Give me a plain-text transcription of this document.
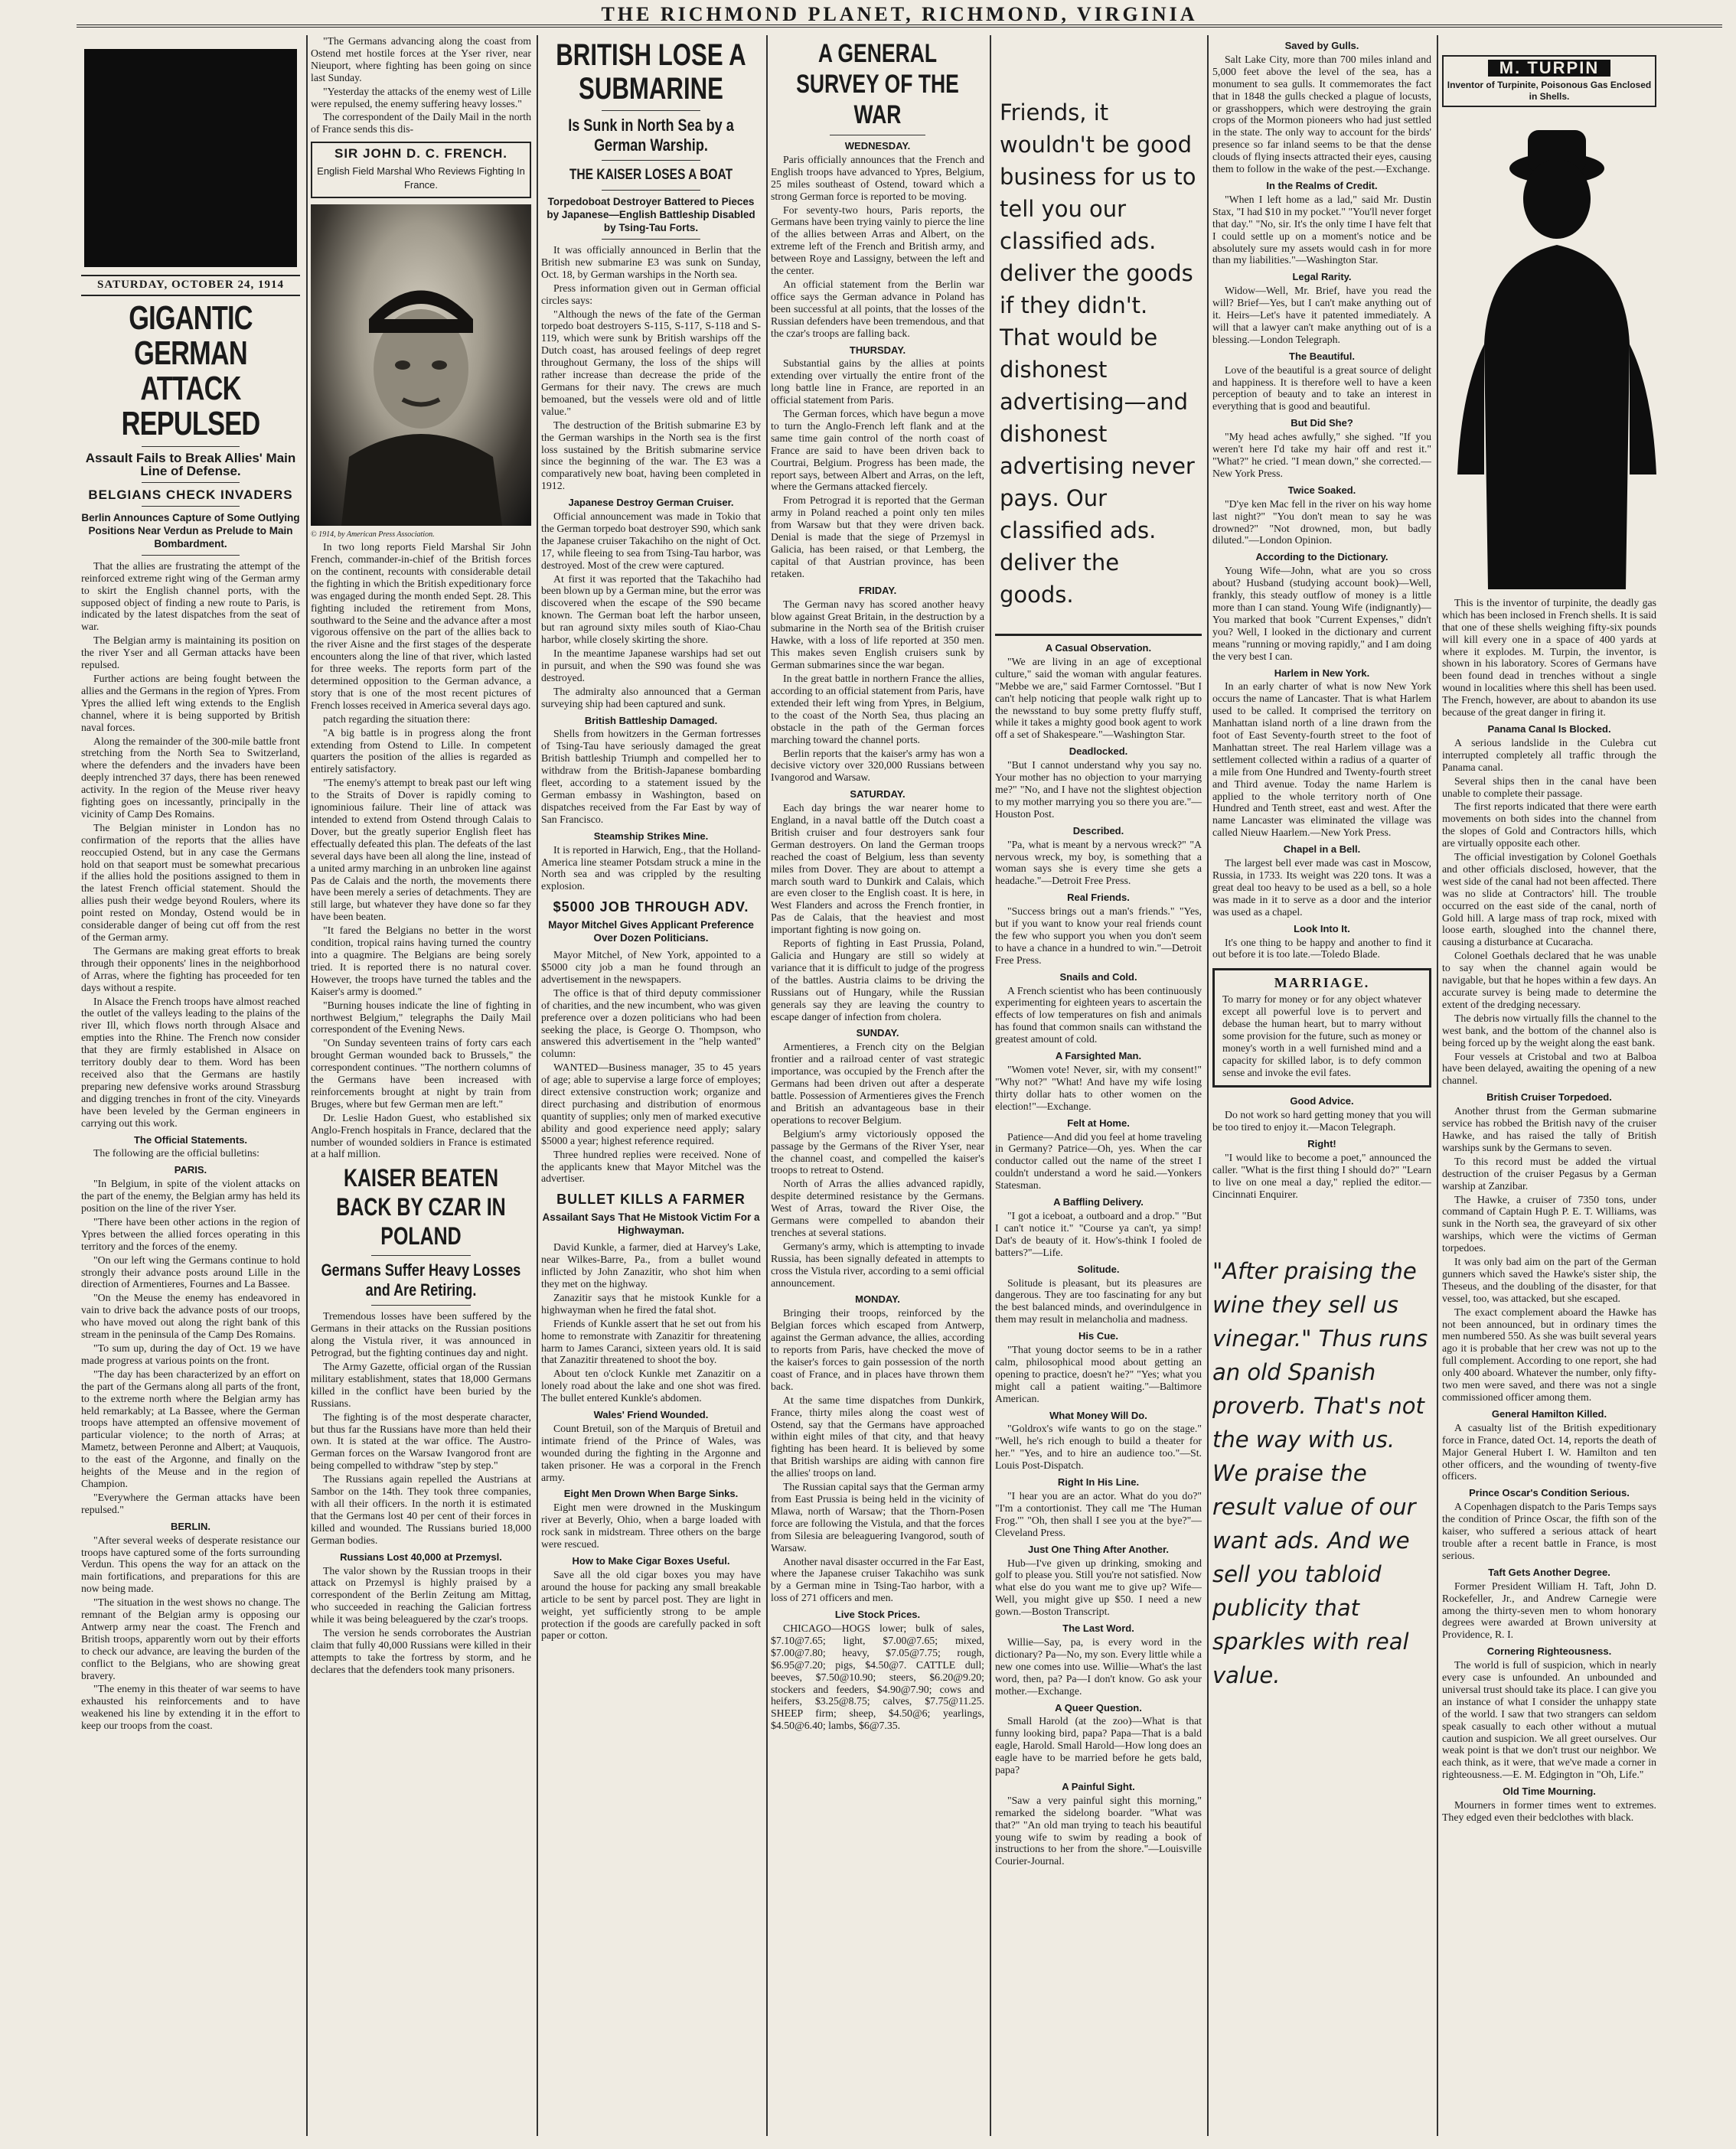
THE RICHMOND PLANET, RICHMOND, VIRGINIA
SATURDAY, OCTOBER 24, 1914
GIGANTIC GERMAN ATTACK REPULSED
Assault Fails to Break Allies' Main Line of Defense.
BELGIANS CHECK INVADERS
Berlin Announces Capture of Some Outlying Positions Near Verdun as Prelude to Main Bombardment.

That the allies are frustrating the attempt of the reinforced extreme right wing of the German army to skirt the English channel ports, with the supposed object of finding a new route to Paris, is indicated by the latest dispatches from the seat of war.

The Belgian army is maintaining its position on the river Yser and all German attacks have been repulsed.

Further actions are being fought between the allies and the Germans in the region of Ypres. From Ypres the allied left wing extends to the English channel, where it is being supported by British naval forces.

Along the remainder of the 300-mile battle front stretching from the North Sea to Switzerland, where the defenders and the invaders have been deeply intrenched 37 days, there has been renewed activity. In the region of the Meuse river heavy fighting goes on incessantly, principally in the vicinity of Camp Des Romains.

The Belgian minister in London has no confirmation of the reports that the allies have reoccupied Ostend, but in any case the Germans hold on that seaport must be somewhat precarious if the allies hold the positions assigned to them in the latest French official statement. Should the allies push their wedge beyond Roulers, where its point rested on Monday, Ostend would be in considerable danger of being cut off from the rest of the German army.

The Germans are making great efforts to break through their opponents' lines in the neighborhood of Arras, where the fighting has proceeded for ten days without a respite.

In Alsace the French troops have almost reached the outlet of the valleys leading to the plains of the river Ill, which flows north through Alsace and empties into the Rhine. The French now consider that they are firmly established in Alsace on territory doubly dear to them. Word has been received also that the Germans are hastily preparing new defensive works around Strassburg and digging trenches in front of the city. Vineyards have been leveled by the German engineers in carrying out this work.

The Official Statements.

The following are the official bulletins:

PARIS.

"In Belgium, in spite of the violent attacks on the part of the enemy, the Belgian army has held its position on the line of the river Yser.

"There have been other actions in the region of Ypres between the allied forces operating in this territory and the forces of the enemy.

"On our left wing the Germans continue to hold strongly their advance posts around Lille in the direction of Armentieres, Fournes and La Bassee.

"On the Meuse the enemy has endeavored in vain to drive back the advance posts of our troops, who have moved out along the right bank of this stream in the peninsula of the Camp Des Romains.

"To sum up, during the day of Oct. 19 we have made progress at various points on the front.

"The day has been characterized by an effort on the part of the Germans along all parts of the front, to the extreme north where the Belgian army has held remarkably; at La Bassee, where the German troops have attempted an offensive movement of particular violence; to the north of Arras; at Mametz, between Peronne and Albert; at Vauquois, to the east of the Argonne, and finally on the heights of the Meuse and in the region of Champion.

"Everywhere the German attacks have been repulsed."

BERLIN.

"After several weeks of desperate resistance our troops have captured some of the forts surrounding Verdun. This opens the way for an attack on the main fortifications, and preparations for this are now being made.

"The situation in the west shows no change. The remnant of the Belgian army is opposing our Antwerp army near the coast. The French and British troops, apparently worn out by their efforts to check our advance, are leaving the burden of the conflict to the Belgians, who are showing great bravery.

"The enemy in this theater of war seems to have exhausted his reinforcements and to have weakened his line by extending it in the effort to keep our troops from the coast.

"The Germans advancing along the coast from Ostend met hostile forces at the Yser river, near Nieuport, where fighting has been going on since last Sunday.

"Yesterday the attacks of the enemy west of Lille were repulsed, the enemy suffering heavy losses."

The correspondent of the Daily Mail in the north of France sends this dis-

SIR JOHN D. C. FRENCH.
English Field Marshal Who Reviews Fighting In France.
© 1914, by American Press Association.

In two long reports Field Marshal Sir John French, commander-in-chief of the British forces on the continent, recounts with considerable detail the fighting in which the British expeditionary force was engaged during the month ended Sept. 28. This fighting included the retirement from Mons, southward to the Seine and the advance after a most vigorous offensive on the part of the allies back to the river Aisne and the first stages of the desperate encounters along the line of that river, which lasted for three weeks. The reports form part of the determined opposition to the German advance, a story that is one of the most recent pictures of French losses received in America several days ago.

patch regarding the situation there:

"A big battle is in progress along the front extending from Ostend to Lille. In competent quarters the position of the allies is regarded as entirely satisfactory.

"The enemy's attempt to break past our left wing to the Straits of Dover is rapidly coming to ignominious failure. Their line of attack was intended to extend from Ostend through Calais to Dover, but the greatly superior English fleet has effectually defeated this plan. The defeats of the last several days have been all along the line, instead of a united army marching in an unbroken line against Pas de Calais and the north, the movements there have been merely a series of detachments. They are still large, but whatever they have done so far they have been beaten.

"It fared the Belgians no better in the worst condition, tropical rains having turned the country into a quagmire. The Belgians are being sorely tried. It is reported there is no natural cover. However, the troops have turned the tables and the Kaiser's army is doomed."

"Burning houses indicate the line of fighting in northwest Belgium," telegraphs the Daily Mail correspondent of the Evening News.

"On Sunday seventeen trains of forty cars each brought German wounded back to Brussels," the correspondent continues. "The northern columns of the Germans have been increased with reinforcements brought at night by train from Bruges, where but few German men are left."

Dr. Leslie Hadon Guest, who established six Anglo-French hospitals in France, declared that the number of wounded soldiers in France is estimated at a half million.

KAISER BEATEN BACK BY CZAR IN POLAND
Germans Suffer Heavy Losses and Are Retiring.

Tremendous losses have been suffered by the Germans in their attacks on the Russian positions along the Vistula river, it was announced in Petrograd, but the fighting continues day and night.

The Army Gazette, official organ of the Russian military establishment, states that 18,000 Germans killed in the conflict have been buried by the Russians.

The fighting is of the most desperate character, but thus far the Russians have more than held their own. It is stated at the war office. The Austro-German forces on the Warsaw Ivangorod front are being compelled to withdraw "step by step."

The Russians again repelled the Austrians at Sambor on the 14th. They took three companies, with all their officers. In the north it is estimated that the Germans lost 40 per cent of their forces in killed and wounded. The Russians buried 18,000 German bodies.

Russians Lost 40,000 at Przemysl.

The valor shown by the Russian troops in their attack on Przemysl is highly praised by a correspondent of the Berlin Zeitung am Mittag, who succeeded in reaching the Galician fortress while it was being beleaguered by the czar's troops.

The version he sends corroborates the Austrian claim that fully 40,000 Russians were killed in their attempts to take the fortress by storm, and he declares that the defenders took many prisoners.

BRITISH LOSE A SUBMARINE
Is Sunk in North Sea by a German Warship.
THE KAISER LOSES A BOAT
Torpedoboat Destroyer Battered to Pieces by Japanese—English Battleship Disabled by Tsing-Tau Forts.

It was officially announced in Berlin that the British new submarine E3 was sunk on Sunday, Oct. 18, by German warships in the North sea.

Press information given out in German official circles says:

"Although the news of the fate of the German torpedo boat destroyers S-115, S-117, S-118 and S-119, which were sunk by British warships off the Dutch coast, has aroused feelings of deep regret throughout Germany, the loss of the ships will rather increase than decrease the pride of the Germans for their navy. The crews are much bemoaned, but the vessels were old and of little value."

The destruction of the British submarine E3 by the German warships in the North sea is the first loss sustained by the British submarine service since the beginning of the war. The E3 was a comparatively new boat, having been completed in 1912.

Japanese Destroy German Cruiser.

Official announcement was made in Tokio that the German torpedo boat destroyer S90, which sank the Japanese cruiser Takachiho on the night of Oct. 17, while fleeing to sea from Tsing-Tau harbor, was destroyed. Most of the crew were captured.

At first it was reported that the Takachiho had been blown up by a German mine, but the error was discovered when the escape of the S90 became known. The German boat left the harbor unseen, but ran aground sixty miles south of Kiao-Chau harbor, while closely skirting the shore.

In the meantime Japanese warships had set out in pursuit, and when the S90 was found she was destroyed.

The admiralty also announced that a German surveying ship had been captured and sunk.

British Battleship Damaged.

Shells from howitzers in the German fortresses of Tsing-Tau have seriously damaged the great British battleship Triumph and compelled her to withdraw from the British-Japanese bombarding fleet, according to a statement issued by the German embassy in Washington, based on dispatches received from the Far East by way of San Francisco.

Steamship Strikes Mine.

It is reported in Harwich, Eng., that the Holland-America line steamer Potsdam struck a mine in the North sea and was crippled by the resulting explosion.

$5000 JOB THROUGH ADV.
Mayor Mitchel Gives Applicant Preference Over Dozen Politicians.

Mayor Mitchel, of New York, appointed to a $5000 city job a man he found through an advertisement in the newspapers.

The office is that of third deputy commissioner of charities, and the new incumbent, who was given preference over a dozen politicians who had been seeking the place, is George O. Thompson, who answered this advertisement in the "help wanted" column:

WANTED—Business manager, 35 to 45 years of age; able to supervise a large force of employes; direct extensive construction work; organize and direct purchasing and distribution of enormous quantity of supplies; only men of marked executive ability and good experience need apply; salary $5000 a year; highest reference required.

Three hundred replies were received. None of the applicants knew that Mayor Mitchel was the advertiser.

BULLET KILLS A FARMER
Assailant Says That He Mistook Victim For a Highwayman.

David Kunkle, a farmer, died at Harvey's Lake, near Wilkes-Barre, Pa., from a bullet wound inflicted by John Zanazitir, who shot him when they met on the highway.

Zanazitir says that he mistook Kunkle for a highwayman when he fired the fatal shot.

Friends of Kunkle assert that he set out from his home to remonstrate with Zanazitir for threatening harm to James Caranci, sixteen years old. It is said that Zanazitir threatened to shoot the boy.

About ten o'clock Kunkle met Zanazitir on a lonely road about the lake and one shot was fired. The bullet entered Kunkle's abdomen.

Wales' Friend Wounded.

Count Bretuil, son of the Marquis of Bretuil and intimate friend of the Prince of Wales, was wounded during the fighting in the Argonne and taken prisoner. He was a corporal in the French army.

Eight Men Drown When Barge Sinks.

Eight men were drowned in the Muskingum river at Beverly, Ohio, when a barge loaded with rock sank in midstream. Three others on the barge were rescued.

How to Make Cigar Boxes Useful.

Save all the old cigar boxes you may have around the house for packing any small breakable article to be sent by parcel post. They are light in weight, yet sufficiently strong to be ample protection if the goods are carefully packed in soft paper or cotton.

A GENERAL SURVEY OF THE WAR

WEDNESDAY.

Paris officially announces that the French and English troops have advanced to Ypres, Belgium, 25 miles southeast of Ostend, toward which a strong German force is reported to be moving.

For seventy-two hours, Paris reports, the Germans have been trying vainly to pierce the line of the allies between Arras and Albert, on the extreme left of the French and British army, and between Roye and Lassigny, between the left and the center.

An official statement from the Berlin war office says the German advance in Poland has been successful at all points, that the losses of the Russian defenders have been tremendous, and that the czar's troops are falling back.

THURSDAY.

Substantial gains by the allies at points extending over virtually the entire front of the long battle line in France, are reported in an official statement from Paris.

The German forces, which have begun a move to turn the Anglo-French left flank and at the same time gain control of the north coast of France are said to have been driven back to Courtrai, Belgium. Progress has been made, the report says, between Albert and Arras, on the left, where the Germans attacked fiercely.

From Petrograd it is reported that the German army in Poland reached a point only ten miles from Warsaw but that they were driven back. Denial is made that the siege of Przemysl in Galicia, has been raised, or that Lemberg, the capital of that Austrian province, has been retaken.

FRIDAY.

The German navy has scored another heavy blow against Great Britain, in the destruction by a submarine in the North sea of the British cruiser Hawke, with a loss of life reported at 350 men. This makes seven English cruisers sunk by German submarines since the war began.

In the great battle in northern France the allies, according to an official statement from Paris, have extended their left wing from Ypres, in Belgium, to the coast of the North Sea, thus placing an obstacle in the path of the German forces marching toward the channel ports.

Berlin reports that the kaiser's army has won a decisive victory over 320,000 Russians between Ivangorod and Warsaw.

SATURDAY.

Each day brings the war nearer home to England, in a naval battle off the Dutch coast a British cruiser and four destroyers sank four German destroyers. On land the German troops reached the coast of Belgium, less than seventy miles from Dover. They are about to attempt a march south ward to Dunkirk and Calais, which are even closer to the English coast. It is here, in West Flanders and across the French frontier, in Pas de Calais, that the heaviest and most important fighting is now going on.

Reports of fighting in East Prussia, Poland, Galicia and Hungary are still so widely at variance that it is difficult to judge of the progress of the battles. Austria claims to be driving the Russians out of Hungary, while the Russian generals say they are leaving the country to escape danger of infection from cholera.

SUNDAY.

Armentieres, a French city on the Belgian frontier and a railroad center of vast strategic importance, was occupied by the French after the Germans had been driven out after a desperate battle. Possession of Armentieres gives the French and British an advantageous base in their operations to recover Belgium.

Belgium's army victoriously opposed the passage by the Germans of the River Yser, near the channel coast, and compelled the kaiser's troops to retreat to Ostend.

North of Arras the allies advanced rapidly, despite determined resistance by the Germans. West of Arras, toward the River Oise, the Germans were compelled to abandon their trenches at several stations.

Germany's army, which is attempting to invade Russia, has been signally defeated in attempts to cross the Vistula river, according to a semi official announcement.

MONDAY.

Bringing their troops, reinforced by the Belgian forces which escaped from Antwerp, against the German advance, the allies, according to reports from Paris, have checked the move of the kaiser's forces to gain possession of the north coast of France, and in places have thrown them back.

At the same time dispatches from Dunkirk, France, thirty miles along the coast west of Ostend, say that the Germans have approached within eight miles of that city, and that heavy fighting has been heard. It is believed by some that British warships are aiding with cannon fire the allies' troops on land.

The Russian capital says that the German army from East Prussia is being held in the vicinity of Mlawa, north of Warsaw; that the Thorn-Posen force are following the Vistula, and that the forces from Silesia are beleaguering Ivangorod, south of Warsaw.

Another naval disaster occurred in the Far East, where the Japanese cruiser Takachiho was sunk by a German mine in Tsing-Tao harbor, with a loss of 271 officers and men.

Live Stock Prices.

CHICAGO—HOGS lower; bulk of sales, $7.10@7.65; light, $7.00@7.65; mixed, $7.00@7.80; heavy, $7.05@7.75; rough, $6.95@7.20; pigs, $4.50@7. CATTLE dull; beeves, $7.50@10.90; steers, $6.20@9.20; stockers and feeders, $4.90@7.90; cows and heifers, $3.25@8.75; calves, $7.75@11.25. SHEEP firm; sheep, $4.50@6; yearlings, $4.50@6.40; lambs, $6@7.35.

Friends, it wouldn't be good business for us to tell you our classified ads. deliver the goods if they didn't. That would be dishonest advertising—and dishonest advertising never pays. Our classified ads. deliver the goods.

A Casual Observation.

"We are living in an age of exceptional culture," said the woman with angular features. "Mebbe we are," said Farmer Corntossel. "But I can't help noticing that people walk right up to the newsstand to buy some pretty fluffy stuff, while it takes a mighty good book agent to work off a set of Shakespeare."—Washington Star.

Deadlocked.

"But I cannot understand why you say no. Your mother has no objection to your marrying me?" "No, and I have not the slightest objection to my mother marrying you so there you are."—Houston Post.

Described.

"Pa, what is meant by a nervous wreck?" "A nervous wreck, my boy, is something that a woman says she is every time she gets a headache."—Detroit Free Press.

Real Friends.

"Success brings out a man's friends." "Yes, but if you want to know your real friends count the few who support you when you don't seem to have a chance in a hundred to win."—Detroit Free Press.

Snails and Cold.

A French scientist who has been continuously experimenting for eighteen years to ascertain the effects of low temperatures on fish and animals has found that common snails can withstand the greatest amount of cold.

A Farsighted Man.

"Women vote! Never, sir, with my consent!" "Why not?" "What! And have my wife losing thirty dollar hats to other women on the election!"—Exchange.

Felt at Home.

Patience—And did you feel at home traveling in Germany? Patrice—Oh, yes. When the car conductor called out the name of the street I couldn't understand a word he said.—Yonkers Statesman.

A Baffling Delivery.

"I got a iceboat, a outboard and a drop." "But I can't notice it." "Course ya can't, ya simp! Dat's de beauty of it. How's-think I fooled de batters?"—Life.

Solitude.

Solitude is pleasant, but its pleasures are dangerous. They are too fascinating for any but the best balanced minds, and overindulgence in them may result in melancholia and madness.

His Cue.

"That young doctor seems to be in a rather calm, philosophical mood about getting an opening to practice, doesn't he?" "Yes; what you might call a patient waiting."—Baltimore American.

What Money Will Do.

"Goldrox's wife wants to go on the stage." "Well, he's rich enough to build a theater for her." "Yes, and to hire an audience too."—St. Louis Post-Dispatch.

Right In His Line.

"I hear you are an actor. What do you do?" "I'm a contortionist. They call me 'The Human Frog.'" "Oh, then shall I see you at the bye?"—Cleveland Press.

Just One Thing After Another.

Hub—I've given up drinking, smoking and golf to please you. Still you're not satisfied. Now what else do you want me to give up? Wife—Well, you might give up $50. I need a new gown.—Boston Transcript.

The Last Word.

Willie—Say, pa, is every word in the dictionary? Pa—No, my son. Every little while a new one comes into use. Willie—What's the last word, then, pa? Pa—I don't know. Go ask your mother.—Exchange.

A Queer Question.

Small Harold (at the zoo)—What is that funny looking bird, papa? Papa—That is a bald eagle, Harold. Small Harold—How long does an eagle have to be married before he gets bald, papa?

A Painful Sight.

"Saw a very painful sight this morning," remarked the sidelong boarder. "What was that?" "An old man trying to teach his beautiful young wife to swim by reading a book of instructions to her from the shore."—Louisville Courier-Journal.

Saved by Gulls.

Salt Lake City, more than 700 miles inland and 5,000 feet above the level of the sea, has a monument to sea gulls. It commemorates the fact that in 1848 the gulls checked a plague of locusts, or grasshoppers, which were destroying the grain crops of the Mormon pioneers who had just settled in the state. The only way to account for the birds' presence so far inland seems to be that the dense clouds of flying insects attracted their eyes, causing them to follow in the wake of the pest.—Exchange.

In the Realms of Credit.

"When I left home as a lad," said Mr. Dustin Stax, "I had $10 in my pocket." "You'll never forget that day." "No, sir. It's the only time I have felt that I could settle up on a moment's notice and be absolutely sure my assets would cash in for more than my liabilities."—Washington Star.

Legal Rarity.

Widow—Well, Mr. Brief, have you read the will? Brief—Yes, but I can't make anything out of it. Heirs—Let's have it patented immediately. A will that a lawyer can't make anything out of is a blessing.—London Telegraph.

The Beautiful.

Love of the beautiful is a great source of delight and happiness. It is therefore well to have a keen perception of beauty and to take an interest in everything that is good and beautiful.

But Did She?

"My head aches awfully," she sighed. "If you weren't here I'd take my hair off and rest it." "What?" he cried. "I mean down," she corrected.—New York Press.

Twice Soaked.

"D'ye ken Mac fell in the river on his way home last night?" "You don't mean to say he was drowned?" "Not drowned, mon, but badly diluted."—London Opinion.

According to the Dictionary.

Young Wife—John, what are you so cross about? Husband (studying account book)—Well, frankly, this steady outflow of money is a little more than I can stand. Young Wife (indignantly)—You marked that book "Current Expenses," didn't you? Well, I looked in the dictionary and current means "running or moving rapidly," and I am doing the very best I can.

Harlem in New York.

In an early charter of what is now New York occurs the name of Lancaster. That is what Harlem used to be called. It comprised the territory on Manhattan island north of a line drawn from the foot of East Seventy-fourth street to the foot of Manhattan street. The real Harlem village was a settlement collected within a radius of a quarter of a mile from One Hundred and Twenty-fourth street and Third avenue. Today the name Harlem is applied to the whole territory north of One Hundred and Tenth street, east and west. After the name Lancaster was eliminated the village was called Nieuw Haarlem.—New York Press.

Chapel in a Bell.

The largest bell ever made was cast in Moscow, Russia, in 1733. Its weight was 220 tons. It was a great deal too heavy to be used as a bell, so a hole was made in it to serve as a door and the interior was used as a chapel.

Look Into It.

It's one thing to be happy and another to find it out before it is too late.—Toledo Blade.

MARRIAGE.
To marry for money or for any object whatever except all powerful love is to pervert and debase the human heart, but to marry without some provision for the future, such as money or money's worth in a well furnished mind and a capacity for skilled labor, is to defy common sense and invoke the evil fates.

Good Advice.

Do not work so hard getting money that you will be too tired to enjoy it.—Macon Telegraph.

Right!

"I would like to become a poet," announced the caller. "What is the first thing I should do?" "Learn to live on one meal a day," replied the editor.—Cincinnati Enquirer.

"After praising the wine they sell us vinegar." Thus runs an old Spanish proverb. That's not the way with us. We praise the result value of our want ads. And we sell you tabloid publicity that sparkles with real value.
M. TURPIN
Inventor of Turpinite, Poisonous Gas Enclosed in Shells.

This is the inventor of turpinite, the deadly gas which has been inclosed in French shells. It is said that one of these shells weighing fifty-six pounds will kill every one in a space of 400 yards at where it explodes. M. Turpin, the inventor, is shown in his laboratory. Scores of Germans have been found dead in trenches without a single wound in localities where this shell has been used. The French, however, are about to abandon its use because of the great danger in firing it.

Panama Canal Is Blocked.

A serious landslide in the Culebra cut interrupted completely all traffic through the Panama canal.

Several ships then in the canal have been unable to complete their passage.

The first reports indicated that there were earth movements on both sides into the channel from the slopes of Gold and Contractors hills, which are virtually opposite each other.

The official investigation by Colonel Goethals and other officials disclosed, however, that the west side of the canal had not been affected. There was no slide at Contractors' hill. The trouble occurred on the east side of the canal, north of Gold hill. A large mass of trap rock, mixed with loose earth, sloughed into the channel there, causing a disturbance at Cucaracha.

Colonel Goethals declared that he was unable to say when the channel again would be navigable, but that he hopes within a few days. An accurate survey is being made to determine the extent of the dredging necessary.

The debris now virtually fills the channel to the west bank, and the bottom of the channel also is being forced up by the weight along the east bank.

Four vessels at Cristobal and two at Balboa have been delayed, awaiting the opening of a new channel.

British Cruiser Torpedoed.

Another thrust from the German submarine service has robbed the British navy of the cruiser Hawke, and has raised the tally of British warships sunk by the Germans to seven.

To this record must be added the virtual destruction of the cruiser Pegasus by a German warship at Zanzibar.

The Hawke, a cruiser of 7350 tons, under command of Captain Hugh P. E. T. Williams, was sunk in the North sea, the graveyard of six other warships, which were the victims of German torpedoes.

It was only bad aim on the part of the German gunners which saved the Hawke's sister ship, the Theseus, and the doubling of the disaster, for that vessel, too, was attacked, but she escaped.

The exact complement aboard the Hawke has not been announced, but in ordinary times the men numbered 550. As she was built several years ago it is probable that her crew was not up to the full complement. According to one report, she had only 400 aboard. Whatever the number, only fifty-two men were saved, and there was not a single commissioned officer among them.

General Hamilton Killed.

A casualty list of the British expeditionary force in France, dated Oct. 14, reports the death of Major General Hubert I. W. Hamilton and ten other officers, and the wounding of twenty-five officers.

Prince Oscar's Condition Serious.

A Copenhagen dispatch to the Paris Temps says the condition of Prince Oscar, the fifth son of the kaiser, who suffered a serious attack of heart trouble after a recent battle in France, is most serious.

Taft Gets Another Degree.

Former President William H. Taft, John D. Rockefeller, Jr., and Andrew Carnegie were among the thirty-seven men to whom honorary degrees were awarded at Brown university at Providence, R. I.

Cornering Righteousness.

The world is full of suspicion, which in nearly every case is unfounded. An unbounded and universal trust should take its place. I can give you an instance of what I consider the unhappy state of the world. I saw that two strangers can seldom speak casually to each other without a mutual caution and suspicion. We all greet ourselves. Our weak point is that we don't trust our neighbor. We each think, as it were, that we've made a corner in righteousness.—E. M. Edgington in "Oh, Life."

Old Time Mourning.

Mourners in former times went to extremes. They edged even their bedclothes with black.
